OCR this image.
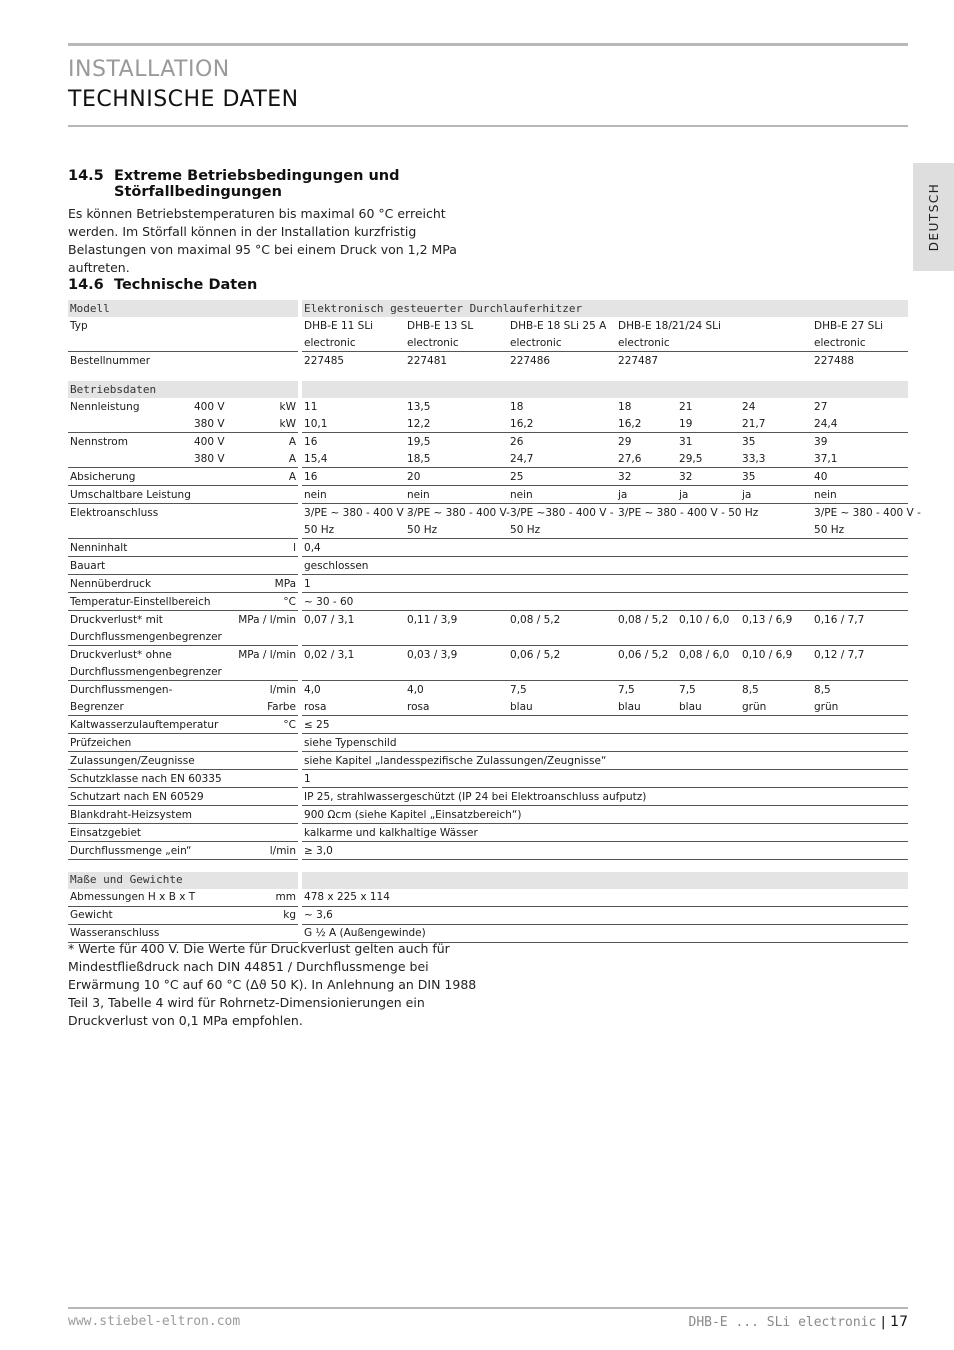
INSTALLATION
TECHNISCHE DATEN
DEUTSCH
14.5 Extreme Betriebsbedingungen und
Störfallbedingungen
Es können Betriebstemperaturen bis maximal 60 °C erreicht werden. Im Störfall können in der Installation kurzfristig Belastungen von maximal 95 °C bei einem Druck von 1,2 MPa auftreten.
14.6 Technische Daten
Modell				Elektronisch gesteuerter Durchlauferhitzer						
Typ				DHB-E 11 SLi	DHB-E 13 SL	DHB-E 18 SLi 25 A	DHB-E 18/21/24 SLi			DHB-E 27 SLi
				electronic	electronic	electronic	electronic			electronic
Bestellnummer				227485	227481	227486	227487			227488

Betriebsdaten										
Nennleistung	400 V	kW		11	13,5	18	18	21	24	27
	380 V	kW		10,1	12,2	16,2	16,2	19	21,7	24,4
Nennstrom	400 V	A		16	19,5	26	29	31	35	39
	380 V	A		15,4	18,5	24,7	27,6	29,5	33,3	37,1
Absicherung		A		16	20	25	32	32	35	40
Umschaltbare Leistung				nein	nein	nein	ja	ja	ja	nein
Elektroanschluss				3/PE ~ 380 - 400 V -	3/PE ~ 380 - 400 V-	3/PE ~380 - 400 V -	3/PE ~ 380 - 400 V - 50 Hz			3/PE ~ 380 - 400 V -
				50 Hz	50 Hz	50 Hz				50 Hz
Nenninhalt		l		0,4						
Bauart				geschlossen						
Nennüberdruck		MPa		1						
Temperatur-Einstellbereich		°C		~ 30 - 60						
Druckverlust* mit	MPa / l/min			0,07 / 3,1	0,11 / 3,9	0,08 / 5,2	0,08 / 5,2	0,10 / 6,0	0,13 / 6,9	0,16 / 7,7
Durchflussmengenbegrenzer										
Druckverlust* ohne	MPa / l/min			0,02 / 3,1	0,03 / 3,9	0,06 / 5,2	0,06 / 5,2	0,08 / 6,0	0,10 / 6,9	0,12 / 7,7
Durchflussmengenbegrenzer										
Durchflussmengen-		l/min		4,0	4,0	7,5	7,5	7,5	8,5	8,5
Begrenzer		Farbe		rosa	rosa	blau	blau	blau	grün	grün
Kaltwasserzulauftemperatur		°C		≤ 25						
Prüfzeichen				siehe Typenschild						
Zulassungen/Zeugnisse				siehe Kapitel „landesspezifische Zulassungen/Zeugnisse“						
Schutzklasse nach EN 60335				1						
Schutzart nach EN 60529				IP 25, strahlwassergeschützt (IP 24 bei Elektroanschluss aufputz)						
Blankdraht-Heizsystem				900 Ωcm (siehe Kapitel „Einsatzbereich“)						
Einsatzgebiet				kalkarme und kalkhaltige Wässer						
Durchflussmenge „ein“		l/min		≥ 3,0						

Maße und Gewichte										
Abmessungen H x B x T		mm		478 x 225 x 114						
Gewicht		kg		~ 3,6						
Wasseranschluss				G ½ A (Außengewinde)						
* Werte für 400 V. Die Werte für Druckverlust gelten auch für Mindestfließdruck nach DIN 44851 / Durchflussmenge bei Erwärmung 10 °C auf 60 °C (Δϑ 50 K). In Anlehnung an DIN 1988 Teil 3, Tabelle 4 wird für Rohrnetz-Dimensionierungen ein Druckverlust von 0,1 MPa empfohlen.
www.stiebel-eltron.com	DHB-E ... SLi electronic | 17
